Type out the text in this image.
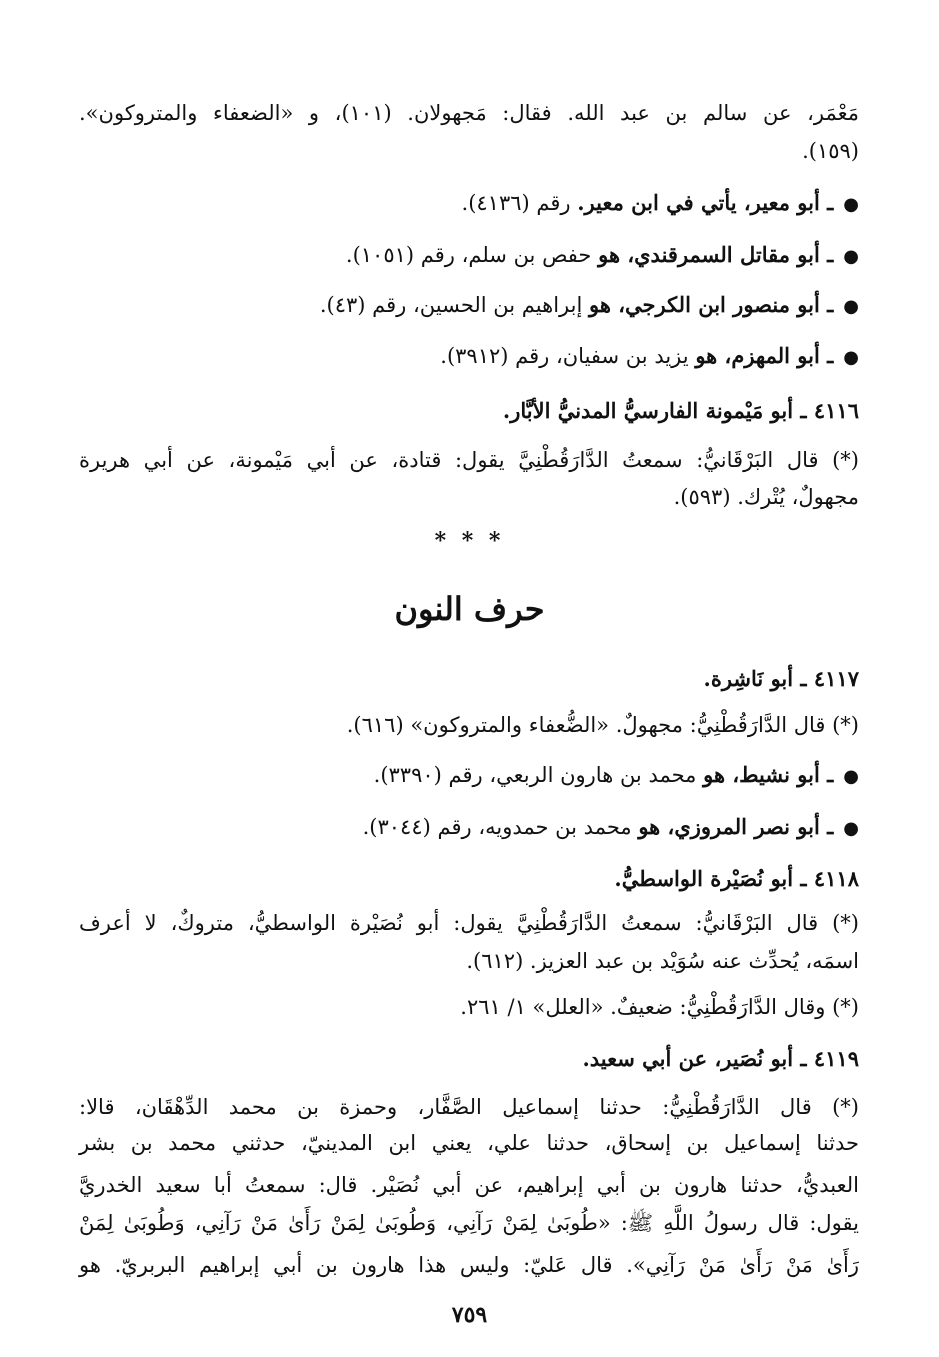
مَعْمَر، عن سالم بن عبد الله. فقال: مَجهولان. (١٠١)، و «الضعفاء والمتروكون».
(١٥٩).
●ـ أبو معير، يأتي في ابن معير. رقم (٤١٣٦).
●ـ أبو مقاتل السمرقندي، هو حفص بن سلم، رقم (١٠٥١).
●ـ أبو منصور ابن الكرجي، هو إبراهيم بن الحسين، رقم (٤٣).
●ـ أبو المهزم، هو يزيد بن سفيان، رقم (٣٩١٢).
٤١١٦ ـ أبو مَيْمونة الفارسيُّ المدنيُّ الأبَّار.
(*) قال البَرْقَانيُّ: سمعتُ الدَّارَقُطْنِيَّ يقول: قتادة، عن أبي مَيْمونة، عن أبي هريرة
مجهولٌ، يُتْرك. (٥٩٣).
* * *
حرف النون
٤١١٧ ـ أبو نَاشِرة.
(*) قال الدَّارَقُطْنِيُّ: مجهولٌ. «الضُّعفاء والمتروكون» (٦١٦).
●ـ أبو نشيط، هو محمد بن هارون الربعي، رقم (٣٣٩٠).
●ـ أبو نصر المروزي، هو محمد بن حمدويه، رقم (٣٠٤٤).
٤١١٨ ـ أبو نُصَيْرة الواسطيُّ.
(*) قال البَرْقَانيُّ: سمعتُ الدَّارَقُطْنِيَّ يقول: أبو نُصَيْرة الواسطيُّ، متروكٌ، لا أعرف
اسمَه، يُحدِّث عنه سُوَيْد بن عبد العزيز. (٦١٢).
(*) وقال الدَّارَقُطْنِيُّ: ضعيفٌ. «العلل» ١/ ٢٦١.
٤١١٩ ـ أبو نُصَير، عن أبي سعيد.
(*) قال الدَّارَقُطْنِيُّ: حدثنا إسماعيل الصَّفَّار، وحمزة بن محمد الدِّهْقَان، قالا:
حدثنا إسماعيل بن إسحاق، حدثنا علي، يعني ابن المدينيّ، حدثني محمد بن بشر
العبديُّ، حدثنا هارون بن أبي إبراهيم، عن أبي نُصَيْر. قال: سمعتُ أبا سعيد الخدريَّ
يقول: قال رسولُ اللَّهِ ﷺ: «طُوبَىٰ لِمَنْ رَآنِي، وَطُوبَىٰ لِمَنْ رَأَىٰ مَنْ رَآنِي، وَطُوبَىٰ لِمَنْ
رَأَىٰ مَنْ رَأَىٰ مَنْ رَآنِي». قال عَليّ: وليس هذا هارون بن أبي إبراهيم البربريّ. هو
٧٥٩
